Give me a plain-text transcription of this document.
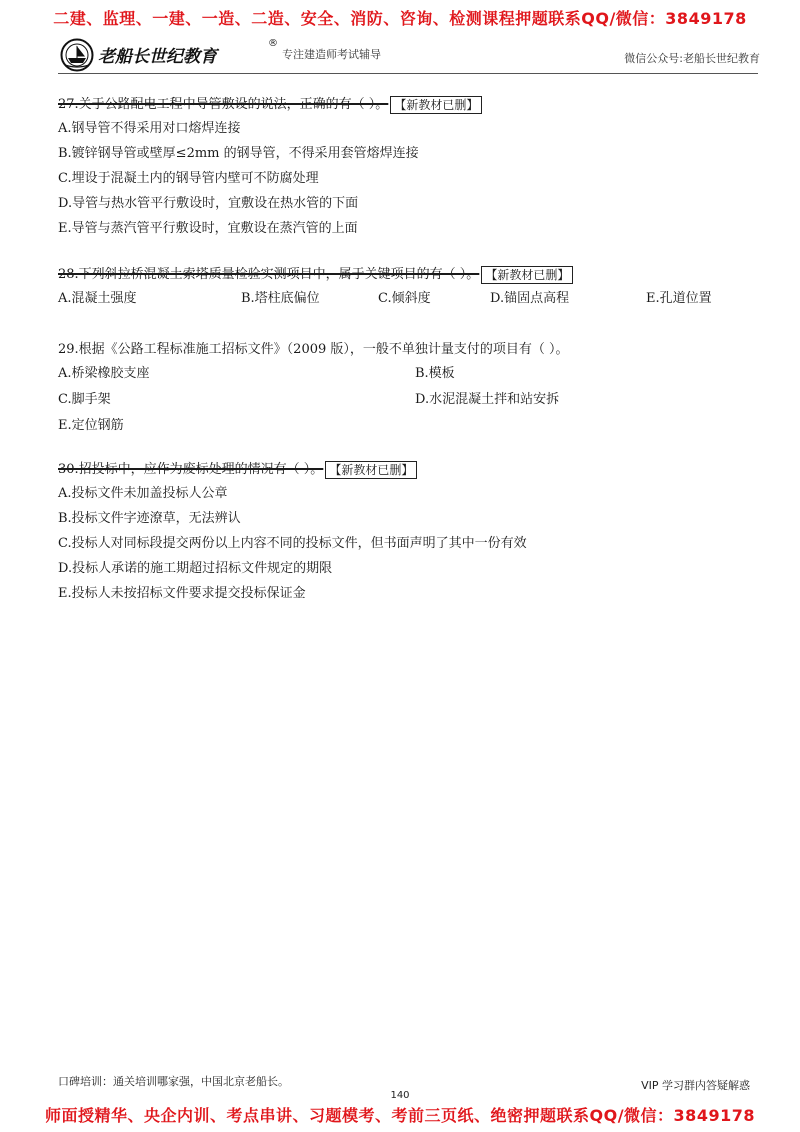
二建、监理、一建、一造、二造、安全、消防、咨询、检测课程押题联系QQ/微信：3849178
老船长世纪教育
®
专注建造师考试辅导	微信公众号:老船长世纪教育
27.关于公路配电工程中导管敷设的说法，正确的有（ ）。 【新教材已删】
A.钢导管不得采用对口熔焊连接
B.镀锌钢导管或壁厚≤2mm 的钢导管，不得采用套管熔焊连接
C.埋设于混凝土内的钢导管内壁可不防腐处理
D.导管与热水管平行敷设时，宜敷设在热水管的下面
E.导管与蒸汽管平行敷设时，宜敷设在蒸汽管的上面
28.下列斜拉桥混凝土索塔质量检验实测项目中，属于关键项目的有（ ）。 【新教材已删】
A.混凝土强度	B.塔柱底偏位	C.倾斜度	D.锚固点高程	E.孔道位置
29.根据《公路工程标准施工招标文件》（2009 版），一般不单独计量支付的项目有（ ）。
A.桥梁橡胶支座	B.模板
C.脚手架	D.水泥混凝土拌和站安拆
E.定位钢筋
30.招投标中，应作为废标处理的情况有（ ）。 【新教材已删】
A.投标文件未加盖投标人公章
B.投标文件字迹潦草，无法辨认
C.投标人对同标段提交两份以上内容不同的投标文件，但书面声明了其中一份有效
D.投标人承诺的施工期超过招标文件规定的期限
E.投标人未按招标文件要求提交投标保证金
口碑培训：通关培训哪家强，中国北京老船长。	VIP 学习群内答疑解惑
140
师面授精华、央企内训、考点串讲、习题模考、考前三页纸、绝密押题联系QQ/微信：3849178
